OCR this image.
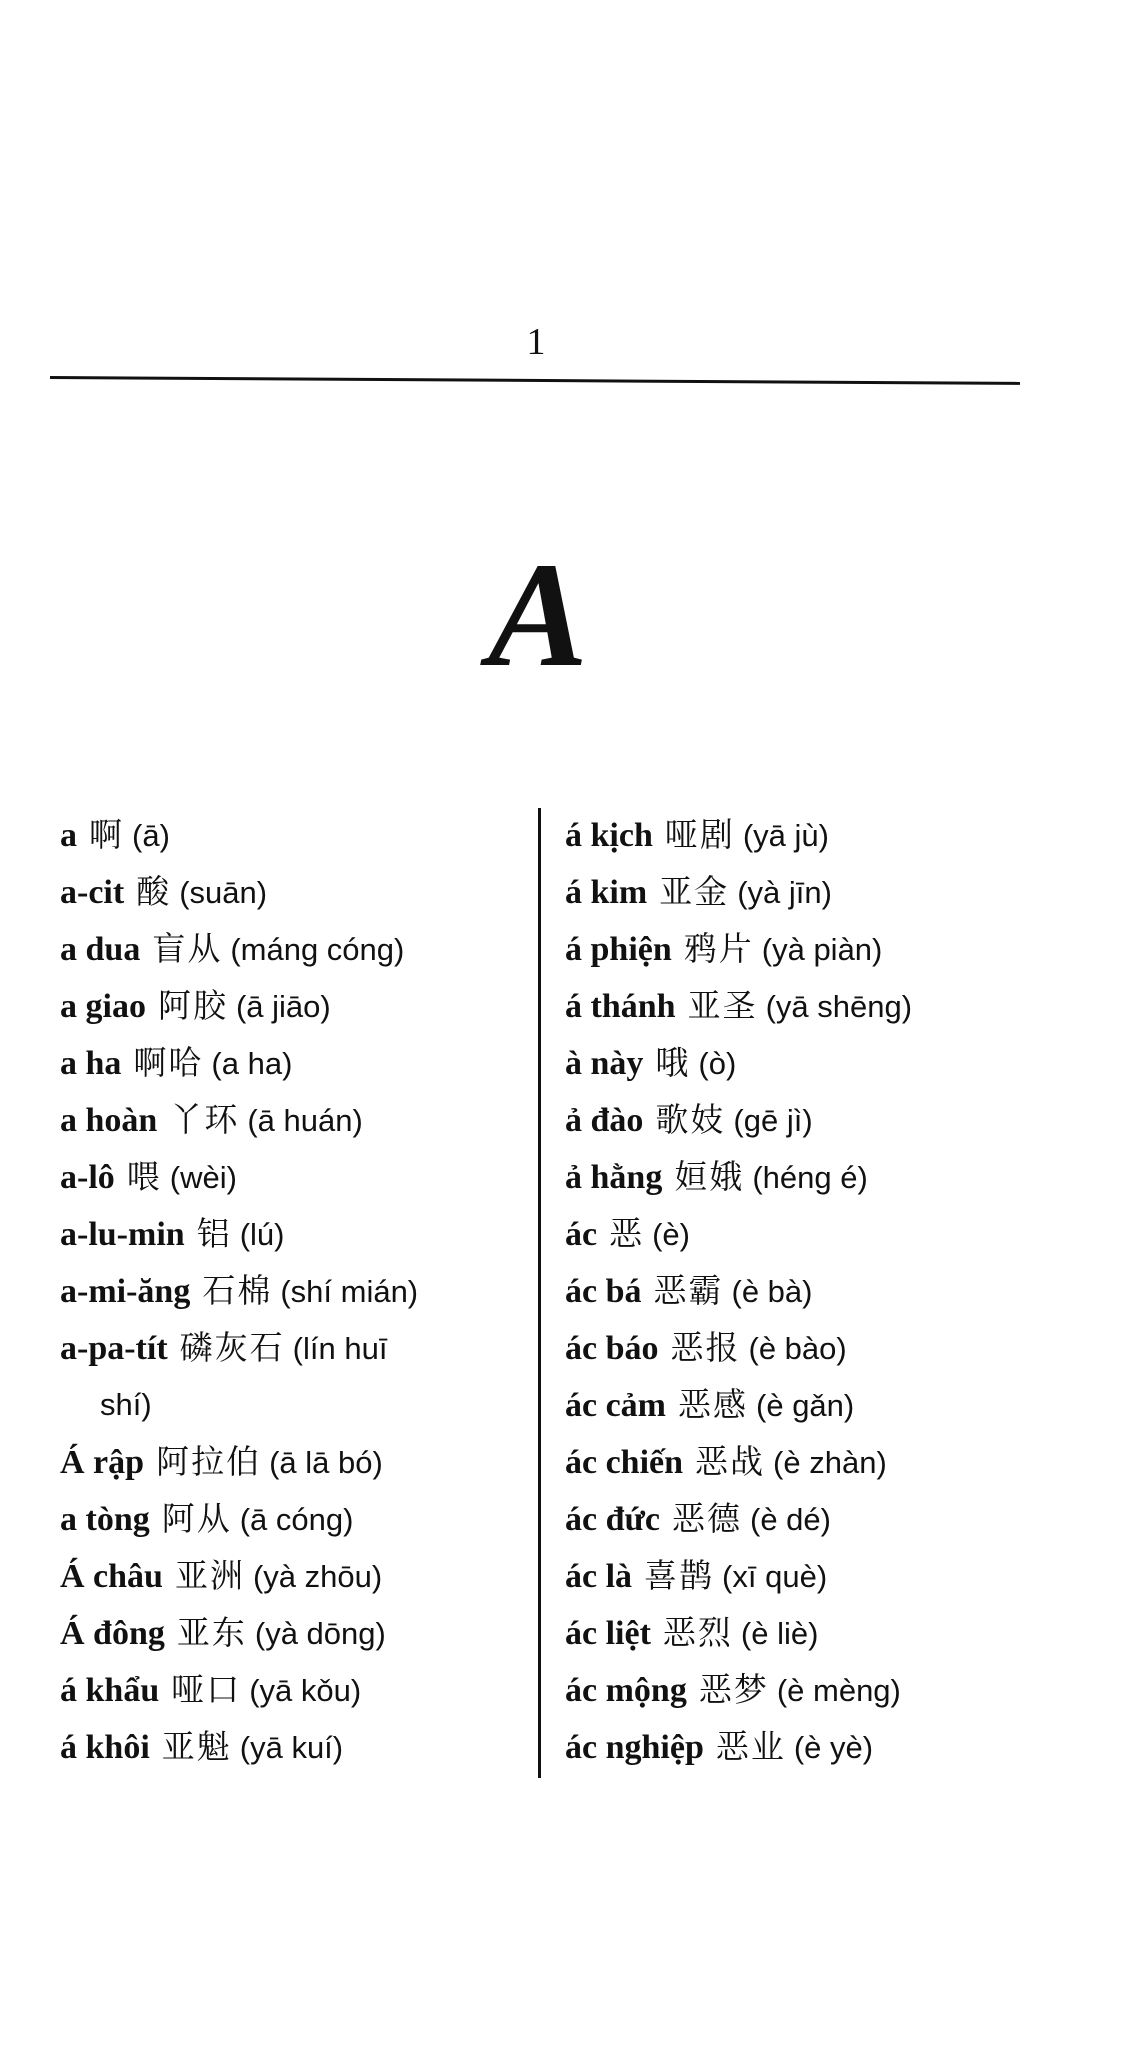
1
A
a 啊 (ā)
a-cit 酸 (suān)
a dua 盲从 (máng cóng)
a giao 阿胶 (ā jiāo)
a ha 啊哈 (a ha)
a hoàn 丫环 (ā huán)
a-lô 喂 (wèi)
a-lu-min 铝 (lú)
a-mi-ăng 石棉 (shí mián)
a-pa-tít 磷灰石 (lín huī
shí)
Á rập 阿拉伯 (ā lā bó)
a tòng 阿从 (ā cóng)
Á châu 亚洲 (yà zhōu)
Á đông 亚东 (yà dōng)
á khẩu 哑口 (yā kǒu)
á khôi 亚魁 (yā kuí)
á kịch 哑剧 (yā jù)
á kim 亚金 (yà jīn)
á phiện 鸦片 (yà piàn)
á thánh 亚圣 (yā shēng)
à này 哦 (ò)
ả đào 歌妓 (gē jì)
ả hằng 姮娥 (héng é)
ác 恶 (è)
ác bá 恶霸 (è bà)
ác báo 恶报 (è bào)
ác cảm 恶感 (è gǎn)
ác chiến 恶战 (è zhàn)
ác đức 恶德 (è dé)
ác là 喜鹊 (xī què)
ác liệt 恶烈 (è liè)
ác mộng 恶梦 (è mèng)
ác nghiệp 恶业 (è yè)
